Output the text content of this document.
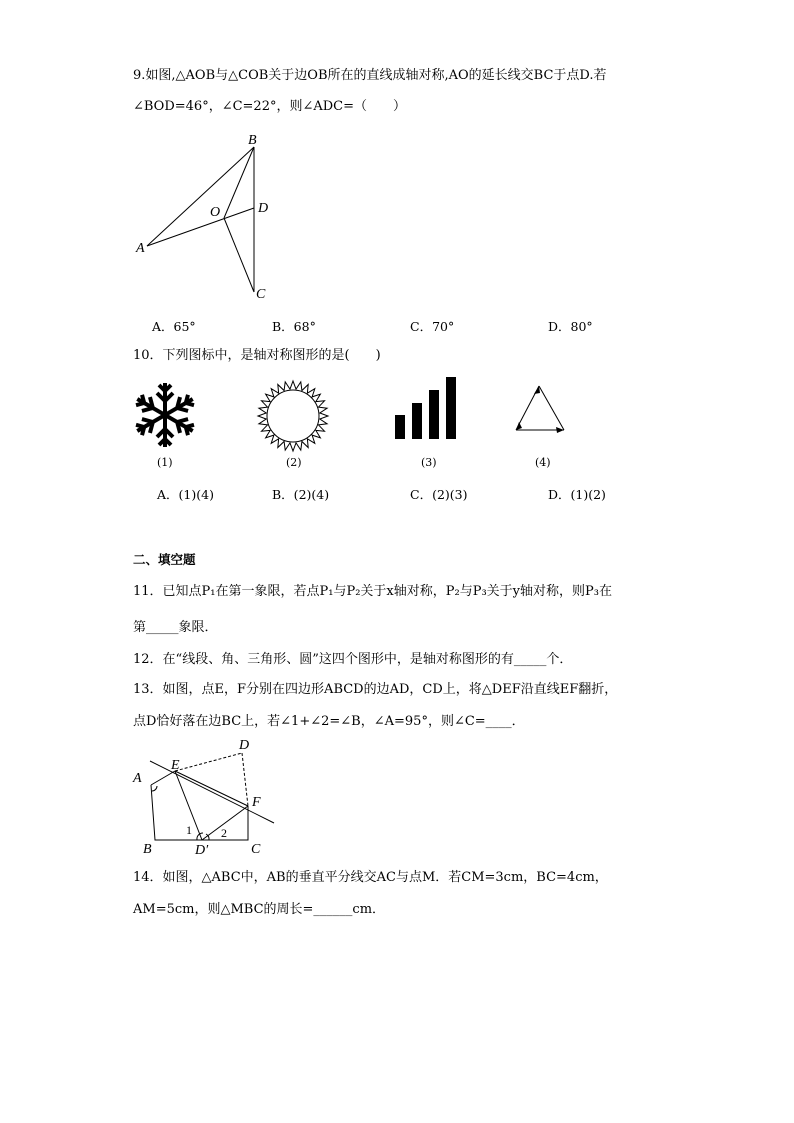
9.如图,△AOB与△COB关于边OB所在的直线成轴对称,AO的延长线交BC于点D.若
∠BOD=46°，∠C=22°，则∠ADC=（　　）
B
O	D
A
C
A．65°	B．68°	C．70°	D．80°
10．下列图标中，是轴对称图形的是(　　)
(1)	(2)	(3)	(4)
A．(1)(4)	B．(2)(4)	C．(2)(3)	D．(1)(2)
二、填空题
11．已知点P₁在第一象限，若点P₁与P₂关于x轴对称，P₂与P₃关于y轴对称，则P₃在
第_____象限．
12．在“线段、角、三角形、圆”这四个图形中，是轴对称图形的有_____个．
13．如图，点E，F分别在四边形ABCD的边AD，CD上，将△DEF沿直线EF翻折，
点D恰好落在边BC上，若∠1+∠2=∠B，∠A=95°，则∠C=____．
D
E
A
F
1 2
B	D′	C
14．如图，△ABC中，AB的垂直平分线交AC与点M．若CM=3cm，BC=4cm，
AM=5cm，则△MBC的周长=______cm．
